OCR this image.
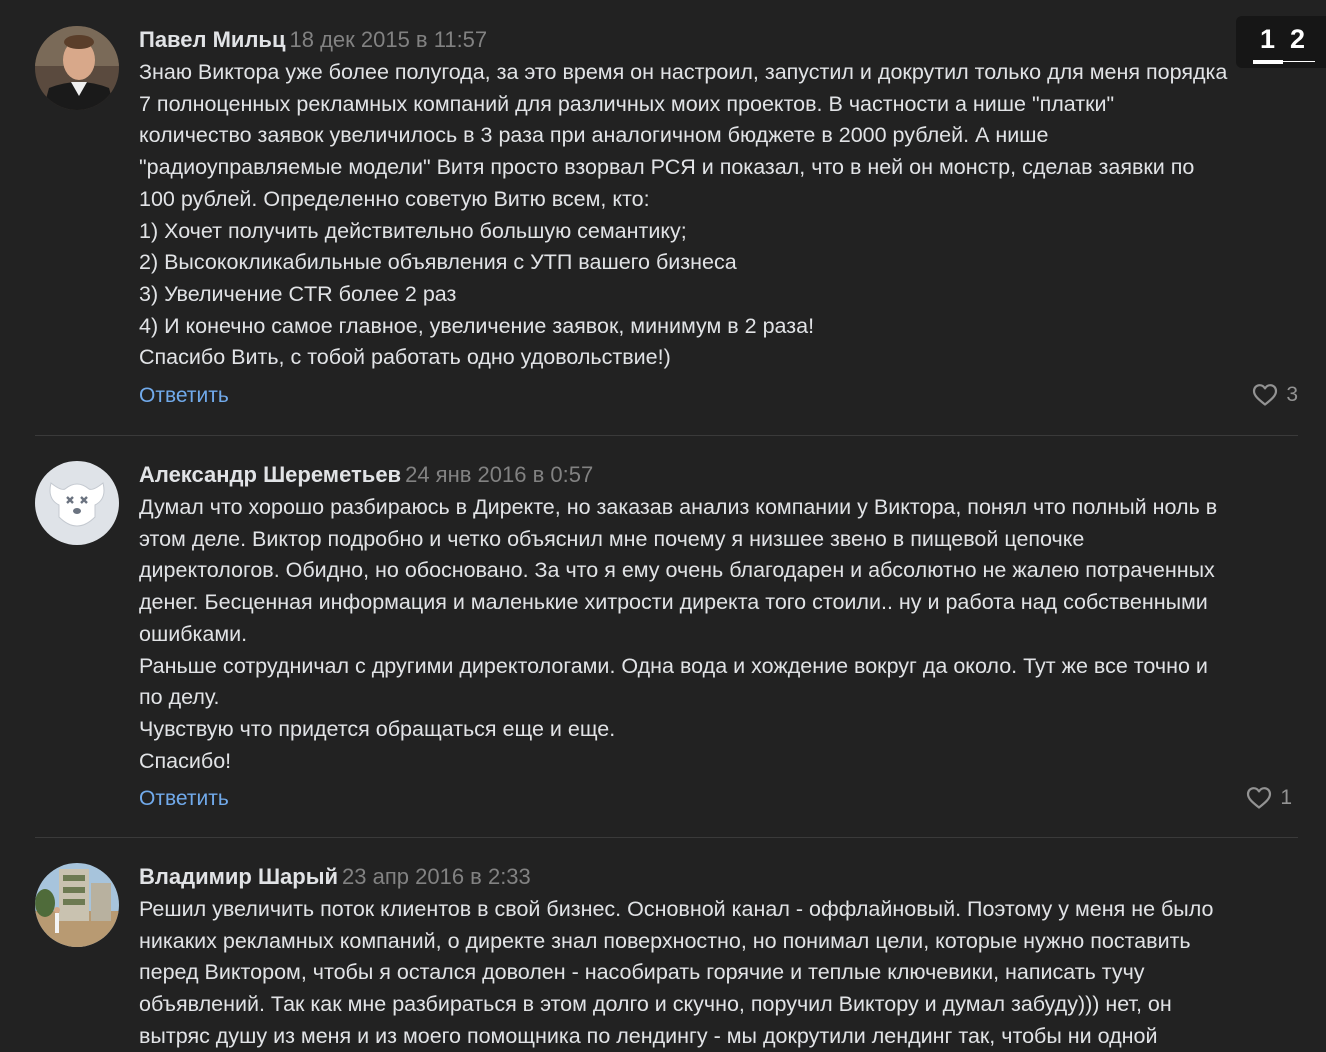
Павел Мильц 18 дек 2015 в 11:57
Знаю Виктора уже более полугода, за это время он настроил, запустил и докрутил только для меня порядка
7 полноценных рекламных компаний для различных моих проектов. В частности а нише "платки"
количество заявок увеличилось в 3 раза при аналогичном бюджете в 2000 рублей. А нише
"радиоуправляемые модели" Витя просто взорвал РСЯ и показал, что в ней он монстр, сделав заявки по
100 рублей. Определенно советую Витю всем, кто:
1) Хочет получить действительно большую семантику;
2) Высококликабильные объявления с УТП вашего бизнеса
3) Увеличение CTR более 2 раз
4) И конечно самое главное, увеличение заявок, минимум в 2 раза!
Спасибо Вить, с тобой работать одно удовольствие!)
Ответить	3
Александр Шереметьев 24 янв 2016 в 0:57
Думал что хорошо разбираюсь в Директе, но заказав анализ компании у Виктора, понял что полный ноль в
этом деле. Виктор подробно и четко объяснил мне почему я низшее звено в пищевой цепочке
директологов. Обидно, но обосновано. За что я ему очень благодарен и абсолютно не жалею потраченных
денег. Бесценная информация и маленькие хитрости директа того стоили.. ну и работа над собственными
ошибками.
Раньше сотрудничал с другими директологами. Одна вода и хождение вокруг да около. Тут же все точно и
по делу.
Чувствую что придется обращаться еще и еще.
Спасибо!
Ответить	1
Владимир Шарый 23 апр 2016 в 2:33
Решил увеличить поток клиентов в свой бизнес. Основной канал - оффлайновый. Поэтому у меня не было
никаких рекламных компаний, о директе знал поверхностно, но понимал цели, которые нужно поставить
перед Виктором, чтобы я остался доволен - насобирать горячие и теплые ключевики, написать тучу
объявлений. Так как мне разбираться в этом долго и скучно, поручил Виктору и думал забуду))) нет, он
вытряс душу из меня и из моего помощника по лендингу - мы докрутили лендинг так, чтобы ни одной
1 2
